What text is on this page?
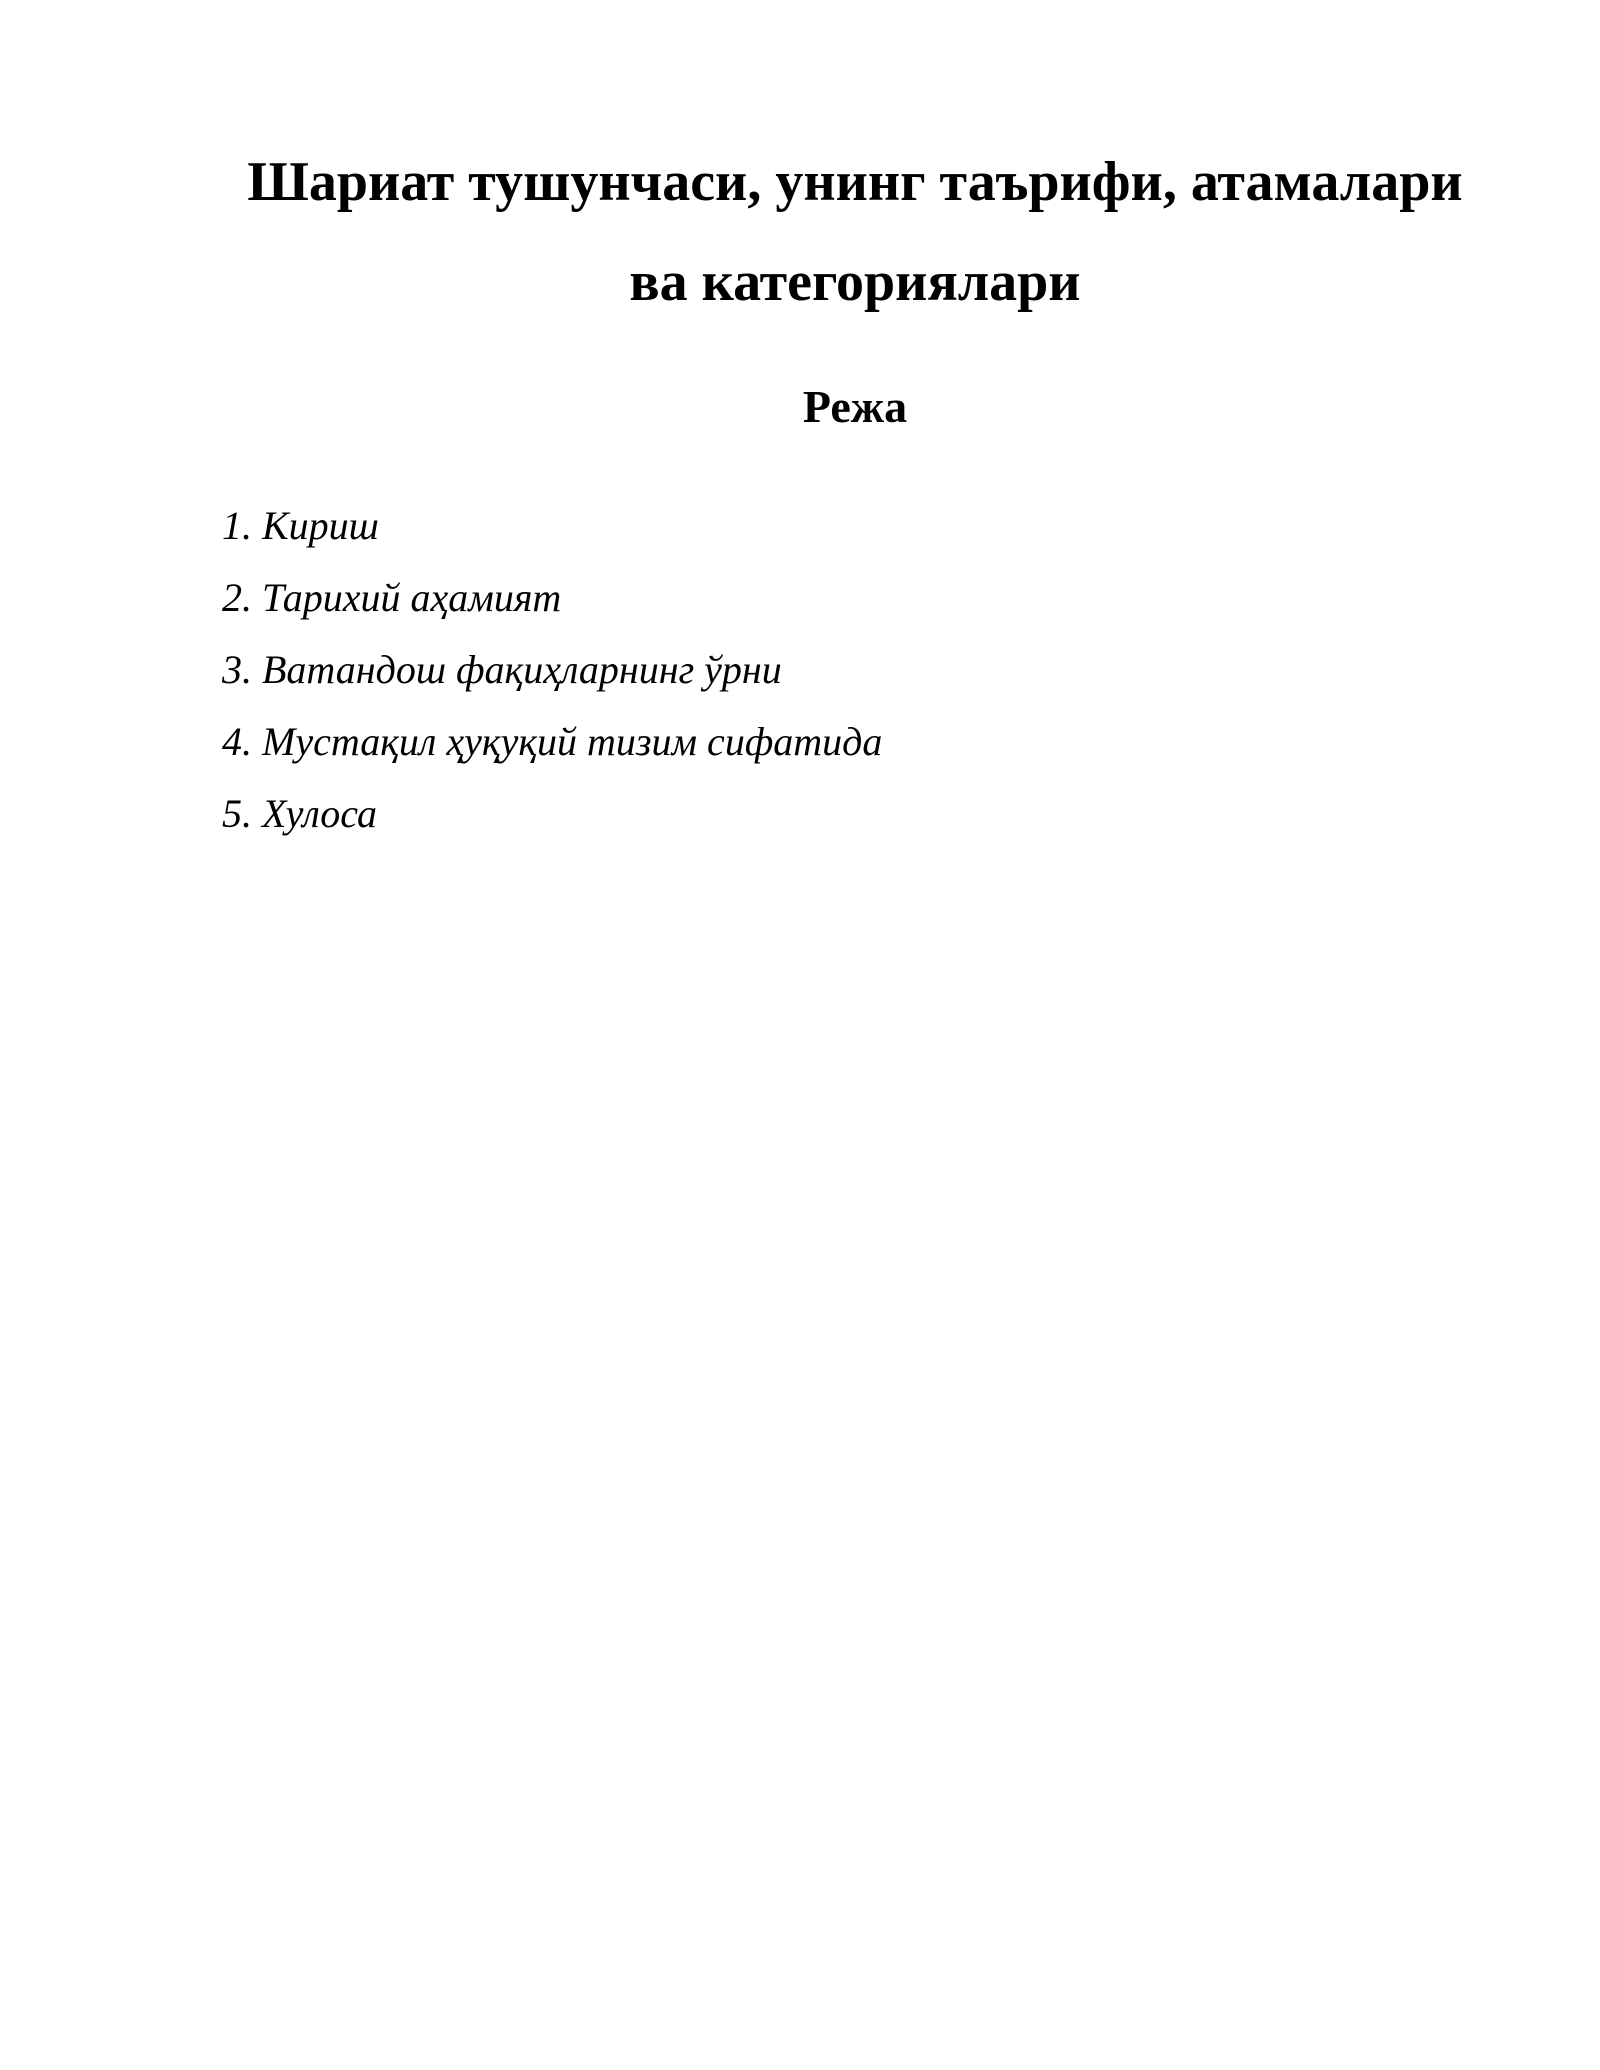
Шариат тушунчаси, унинг таърифи, атамалари
ва категориялари
Режа
1. Кириш
2. Тарихий аҳамият
3. Ватандош фақиҳларнинг ўрни
4. Мустақил ҳуқуқий тизим сифатида
5. Хулоса
